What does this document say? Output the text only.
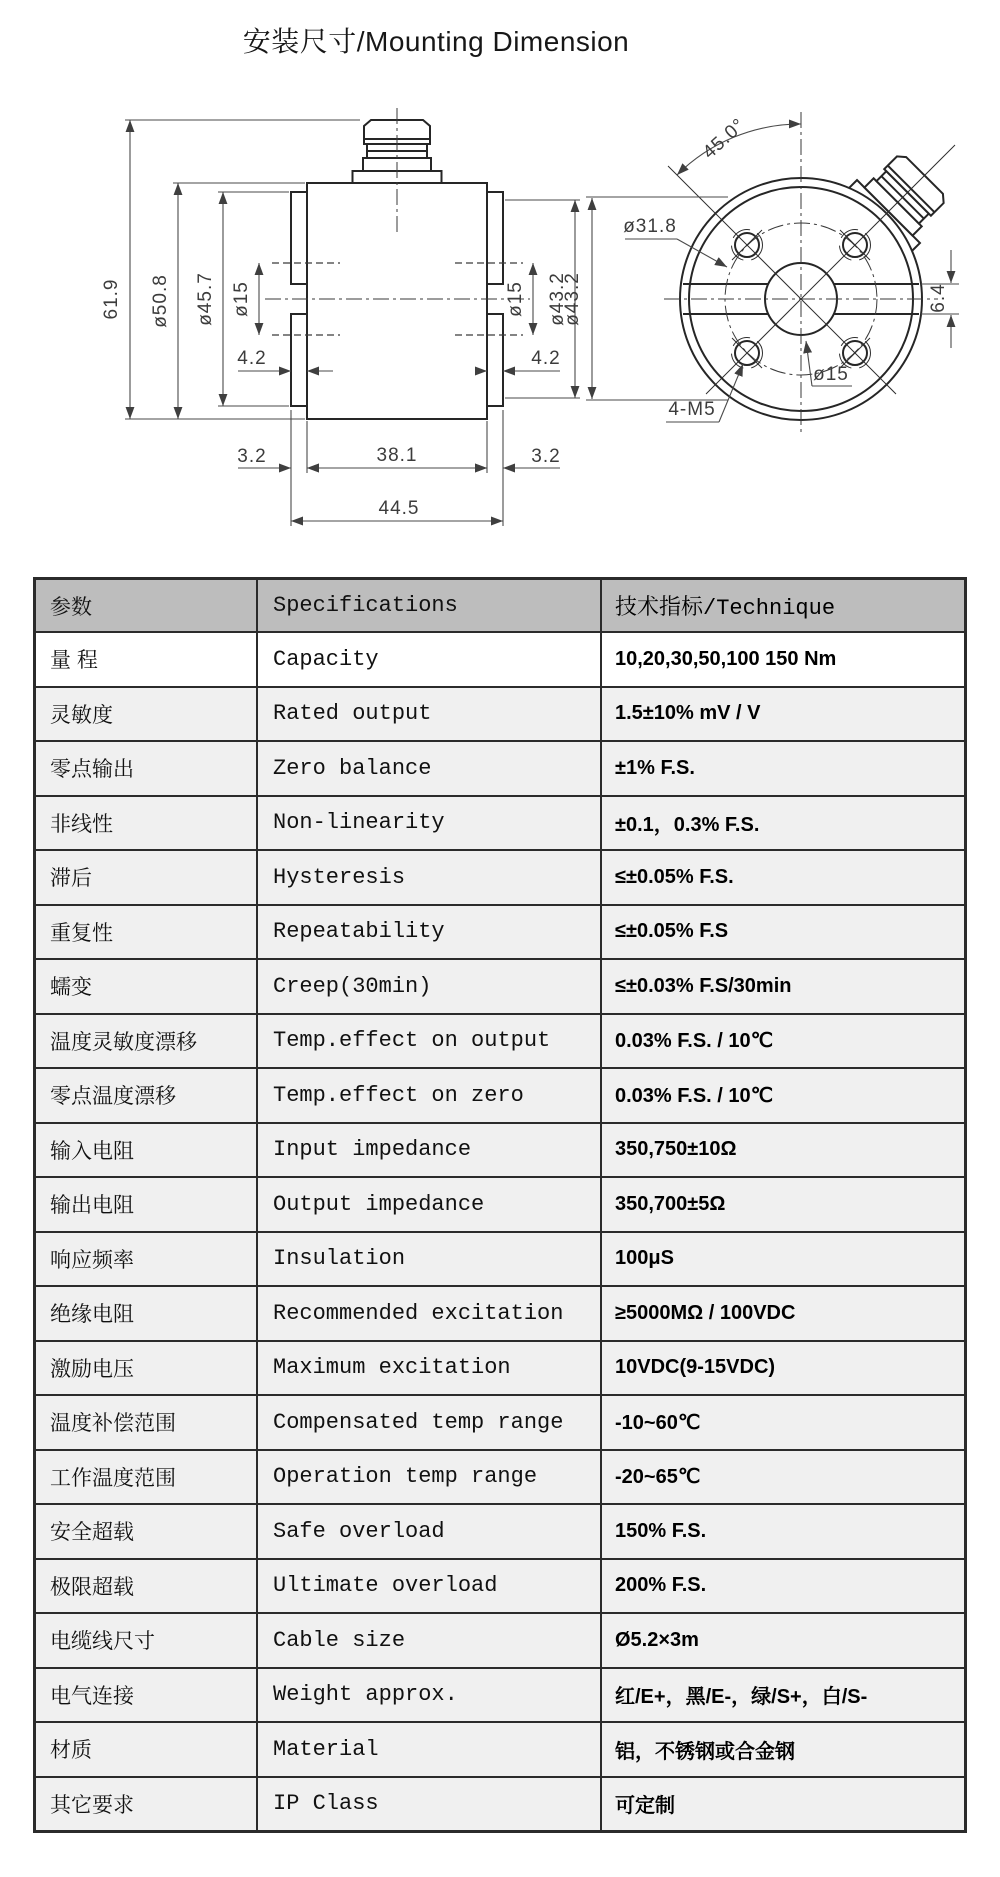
安装尺寸/Mounting Dimension
61.9 ø50.8 ø45.7 ø15
4.2	4.2
ø15 ø43.2
3.2	38.1	3.2
44.5
45.0°
ø31.8
ø43.2
ø15
4-M5
6.4
参数	Specifications	技术指标/Technique
量 程	Capacity	10,20,30,50,100 150 Nm
灵敏度	Rated output	1.5±10% mV / V
零点输出	Zero balance	±1% F.S.
非线性	Non-linearity	±0.1，0.3% F.S.
滞后	Hysteresis	≤±0.05% F.S.
重复性	Repeatability	≤±0.05% F.S
蠕变	Creep(30min)	≤±0.03% F.S/30min
温度灵敏度漂移	Temp.effect on output	0.03% F.S. / 10℃
零点温度漂移	Temp.effect on zero	0.03% F.S. / 10℃
输入电阻	Input impedance	350,750±10Ω
输出电阻	Output impedance	350,700±5Ω
响应频率	Insulation	100μS
绝缘电阻	Recommended excitation	≥5000MΩ / 100VDC
激励电压	Maximum excitation	10VDC(9-15VDC)
温度补偿范围	Compensated temp range	-10~60℃
工作温度范围	Operation temp range	-20~65℃
安全超载	Safe overload	150% F.S.
极限超载	Ultimate overload	200% F.S.
电缆线尺寸	Cable size	Ø5.2×3m
电气连接	Weight approx.	红/E+，黑/E-，绿/S+，白/S-
材质	Material	铝，不锈钢或合金钢
其它要求	IP Class	可定制
